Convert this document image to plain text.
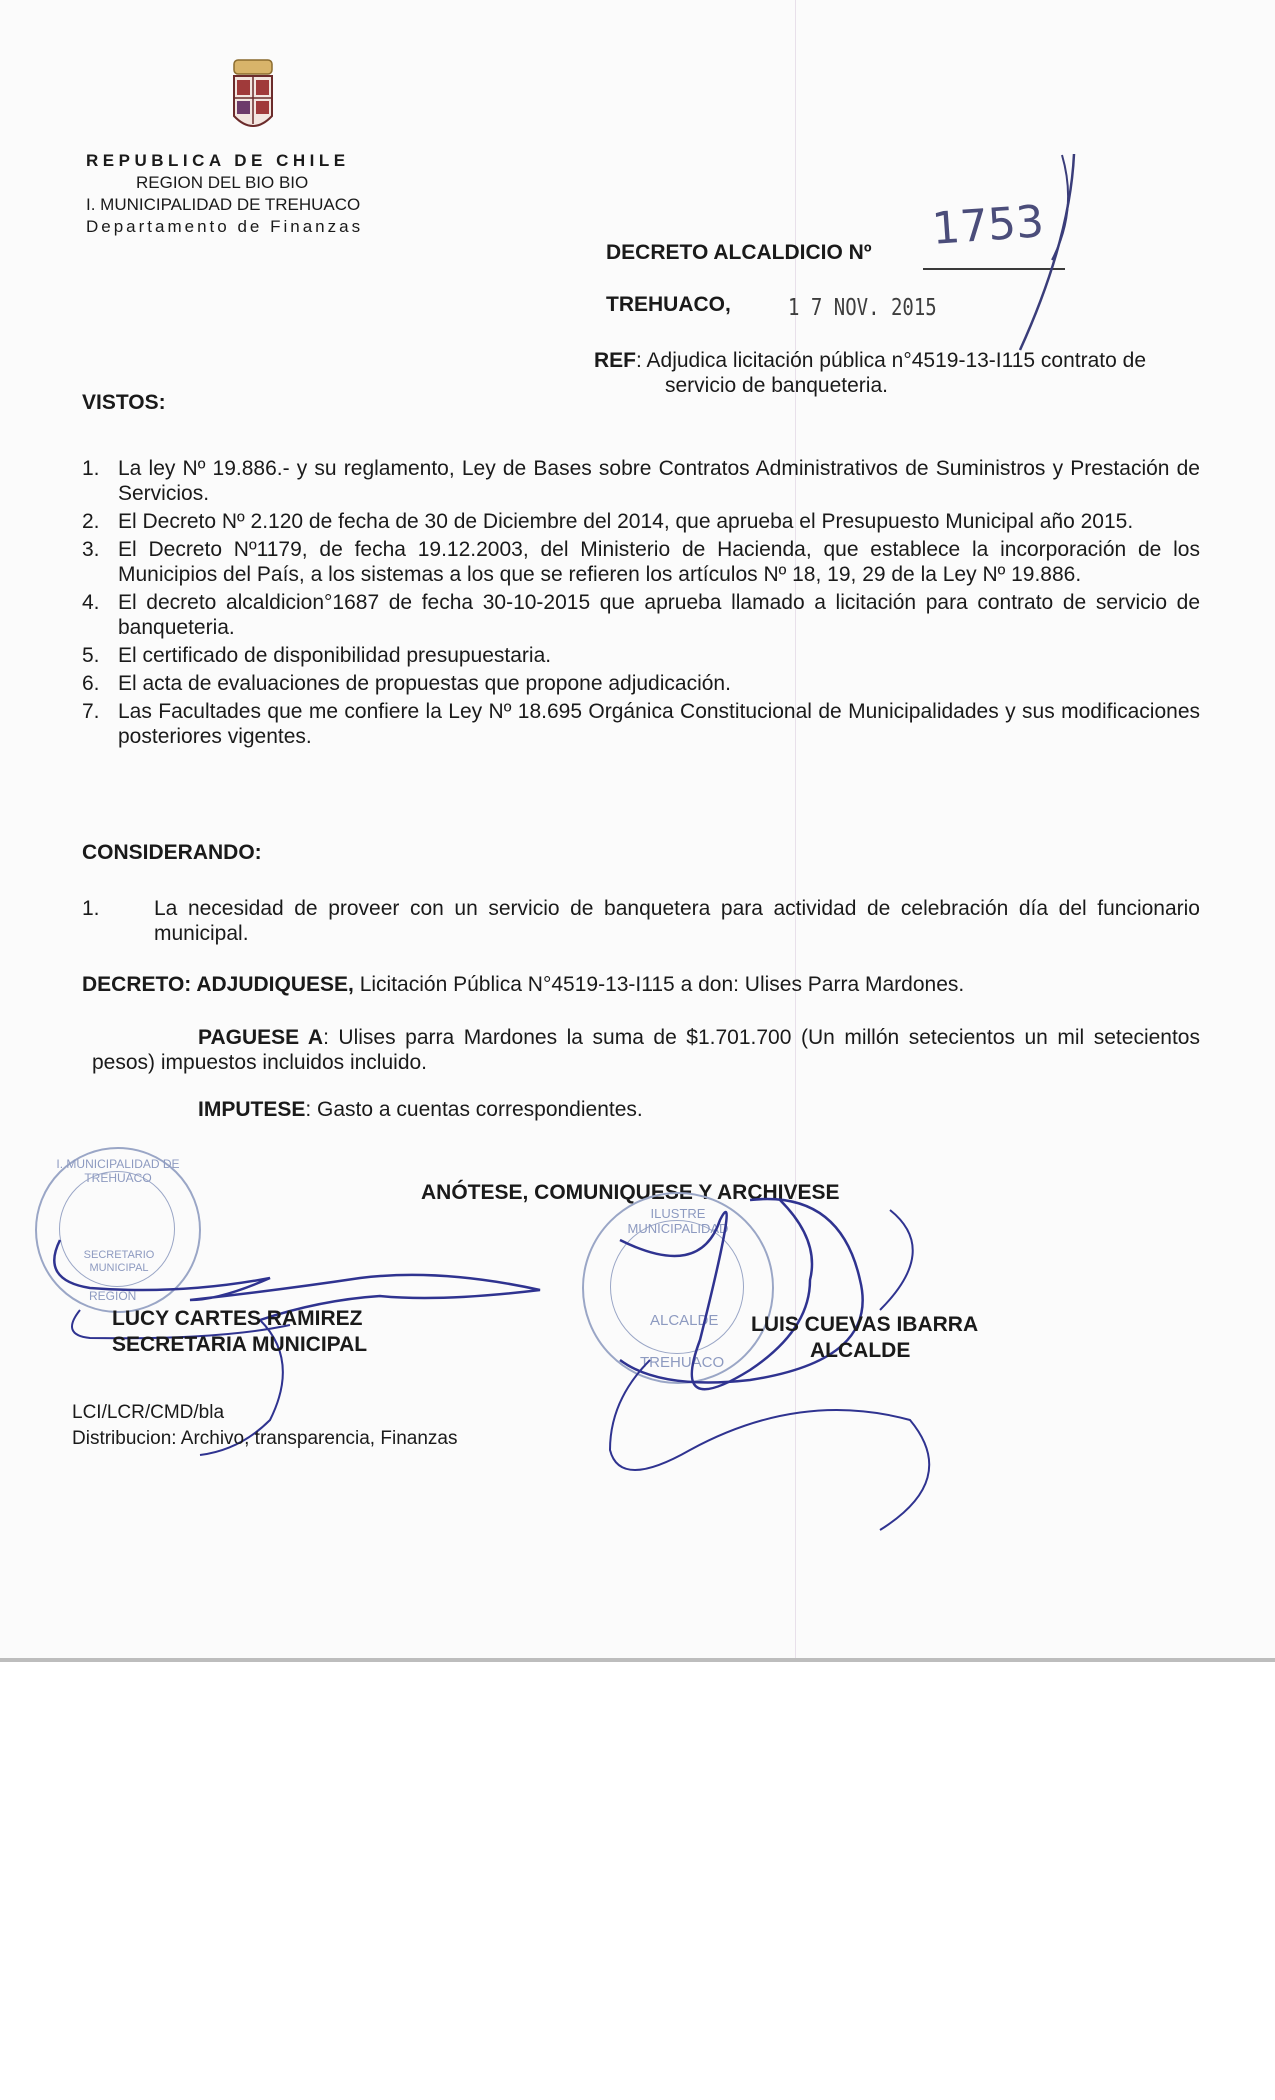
REPUBLICA DE CHILE
REGION DEL BIO BIO
I. MUNICIPALIDAD DE TREHUACO
Departamento de Finanzas
DECRETO ALCALDICIO Nº 1753
TREHUACO,	1 7 NOV. 2015
REF: Adjudica licitación pública n°4519-13-I115 contrato de
servicio de banqueteria.
VISTOS:
1. La ley Nº 19.886.- y su reglamento, Ley de Bases sobre Contratos Administrativos de Suministros y Prestación de Servicios.
2. El Decreto Nº 2.120 de fecha de 30 de Diciembre del 2014, que aprueba el Presupuesto Municipal año 2015.
3. El Decreto Nº1179, de fecha 19.12.2003, del Ministerio de Hacienda, que establece la incorporación de los Municipios del País, a los sistemas a los que se refieren los artículos Nº 18, 19, 29 de la Ley Nº 19.886.
4. El decreto alcaldicion°1687 de fecha 30-10-2015 que aprueba llamado a licitación para contrato de servicio de banqueteria.
5. El certificado de disponibilidad presupuestaria.
6. El acta de evaluaciones de propuestas que propone adjudicación.
7. Las Facultades que me confiere la Ley Nº 18.695 Orgánica Constitucional de Municipalidades y sus modificaciones posteriores vigentes.
CONSIDERANDO:
1.	La necesidad de proveer con un servicio de banquetera para actividad de celebración día del funcionario municipal.
DECRETO: ADJUDIQUESE, Licitación Pública N°4519-13-I115 a don: Ulises Parra Mardones.
PAGUESE A: Ulises parra Mardones la suma de $1.701.700 (Un millón setecientos un mil setecientos pesos) impuestos incluidos incluido.
IMPUTESE: Gasto a cuentas correspondientes.
ANÓTESE, COMUNIQUESE Y ARCHIVESE
I. MUNICIPALIDAD DE TREHUACO
SECRETARIO MUNICIPAL
REGIÓN
ILUSTRE MUNICIPALIDAD
ALCALDE
TREHUACO
LUCY CARTES RAMIREZ
SECRETARIA MUNICIPAL
LUIS CUEVAS IBARRA
ALCALDE
LCI/LCR/CMD/bla
Distribucion: Archivo, transparencia, Finanzas
